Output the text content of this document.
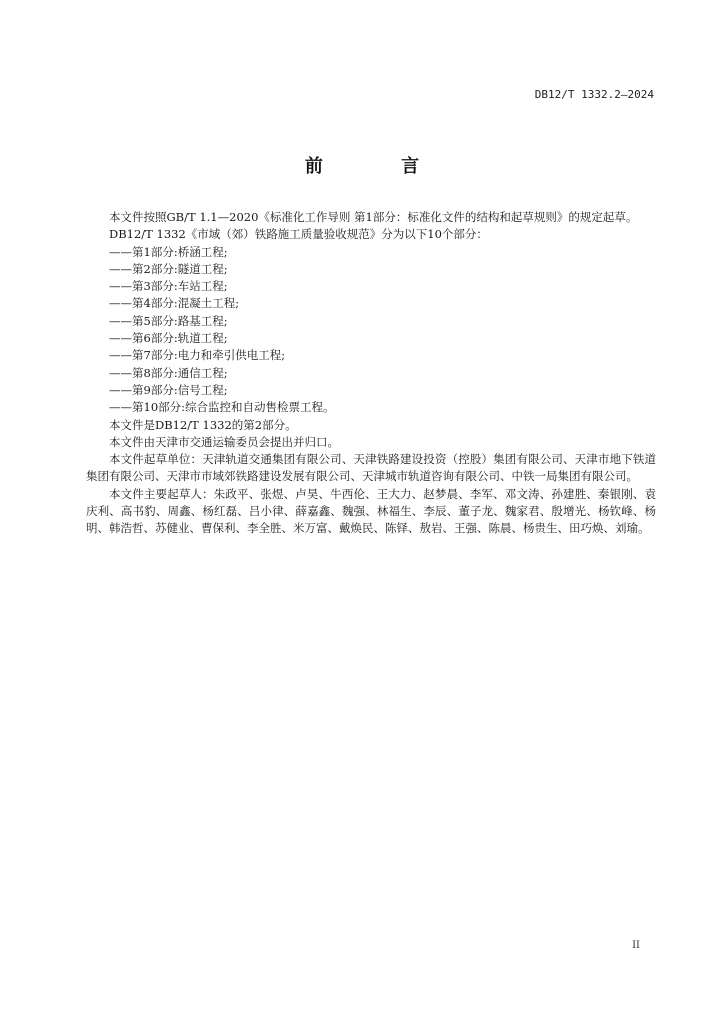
DB12/T 1332.2—2024
前 言

本文件按照GB/T 1.1—2020《标准化工作导则 第1部分：标准化文件的结构和起草规则》的规定起草。

DB12/T 1332《市域（郊）铁路施工质量验收规范》分为以下10个部分：

——第1部分:桥涵工程;

——第2部分:隧道工程;

——第3部分:车站工程;

——第4部分:混凝土工程;

——第5部分:路基工程;

——第6部分:轨道工程;

——第7部分:电力和牵引供电工程;

——第8部分:通信工程;

——第9部分:信号工程;

——第10部分:综合监控和自动售检票工程。

本文件是DB12/T 1332的第2部分。

本文件由天津市交通运输委员会提出并归口。

本文件起草单位：天津轨道交通集团有限公司、天津铁路建设投资（控股）集团有限公司、天津市地下铁道集团有限公司、天津市市域郊铁路建设发展有限公司、天津城市轨道咨询有限公司、中铁一局集团有限公司。

本文件主要起草人：朱政平、张煜、卢昊、牛西伦、王大力、赵梦晨、李军、邓文涛、孙建胜、秦银刚、袁庆利、高书豹、周鑫、杨红磊、吕小律、薛嘉鑫、魏强、林福生、李辰、董子龙、魏家君、殷增光、杨钦峰、杨明、韩浩哲、苏健业、曹保利、李全胜、米万富、戴焕民、陈铎、敖岩、王强、陈晨、杨贵生、田巧焕、刘瑜。

II
